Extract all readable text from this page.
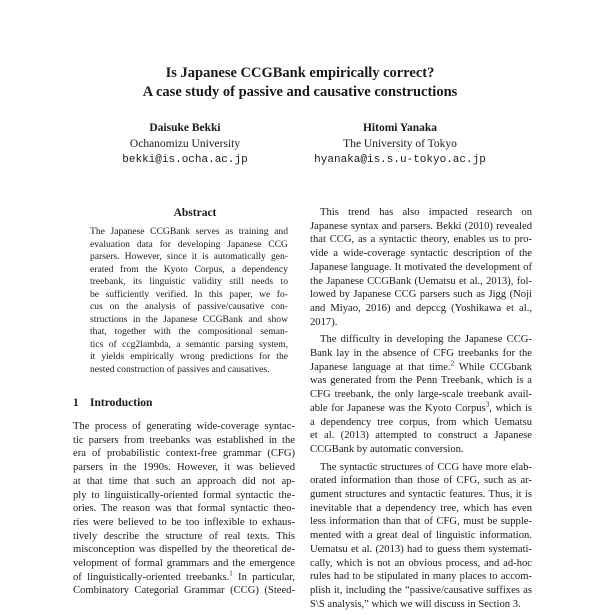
Is Japanese CCGBank empirically correct?
A case study of passive and causative constructions
Daisuke Bekki
Ochanomizu University
bekki@is.ocha.ac.jp
Hitomi Yanaka
The University of Tokyo
hyanaka@is.s.u-tokyo.ac.jp
Abstract
The Japanese CCGBank serves as training and
evaluation data for developing Japanese CCG
parsers. However, since it is automatically gen-
erated from the Kyoto Corpus, a dependency
treebank, its linguistic validity still needs to
be sufficiently verified. In this paper, we fo-
cus on the analysis of passive/causative con-
structions in the Japanese CCGBank and show
that, together with the compositional seman-
tics of ccg2lambda, a semantic parsing system,
it yields empirically wrong predictions for the
nested construction of passives and causatives.
1 Introduction
The process of generating wide-coverage syntac-
tic parsers from treebanks was established in the
era of probabilistic context-free grammar (CFG)
parsers in the 1990s. However, it was believed
at that time that such an approach did not ap-
ply to linguistically-oriented formal syntactic the-
ories. The reason was that formal syntactic theo-
ries were believed to be too inflexible to exhaus-
tively describe the structure of real texts. This
misconception was dispelled by the theoretical de-
velopment of formal grammars and the emergence
of linguistically-oriented treebanks.$^1$ In particular,
Combinatory Categorial Grammar (CCG) (Steed-
This trend has also impacted research on
Japanese syntax and parsers. Bekki (2010) revealed
that CCG, as a syntactic theory, enables us to pro-
vide a wide-coverage syntactic description of the
Japanese language. It motivated the development of
the Japanese CCGBank (Uematsu et al., 2013), fol-
lowed by Japanese CCG parsers such as Jigg (Noji
and Miyao, 2016) and depccg (Yoshikawa et al.,
2017).
The difficulty in developing the Japanese CCG-
Bank lay in the absence of CFG treebanks for the
Japanese language at that time.$^2$ While CCGbank
was generated from the Penn Treebank, which is a
CFG treebank, the only large-scale treebank avail-
able for Japanese was the Kyoto Corpus$^3$, which is
a dependency tree corpus, from which Uematsu
et al. (2013) attempted to construct a Japanese
CCGBank by automatic conversion.
The syntactic structures of CCG have more elab-
orated information than those of CFG, such as ar-
gument structures and syntactic features. Thus, it is
inevitable that a dependency tree, which has even
less information than that of CFG, must be supple-
mented with a great deal of linguistic information.
Uematsu et al. (2013) had to guess them systemati-
cally, which is not an obvious process, and ad-hoc
rules had to be stipulated in many places to accom-
plish it, including the “passive/causative suffixes as
S\S analysis,” which we will discuss in Section 3.
